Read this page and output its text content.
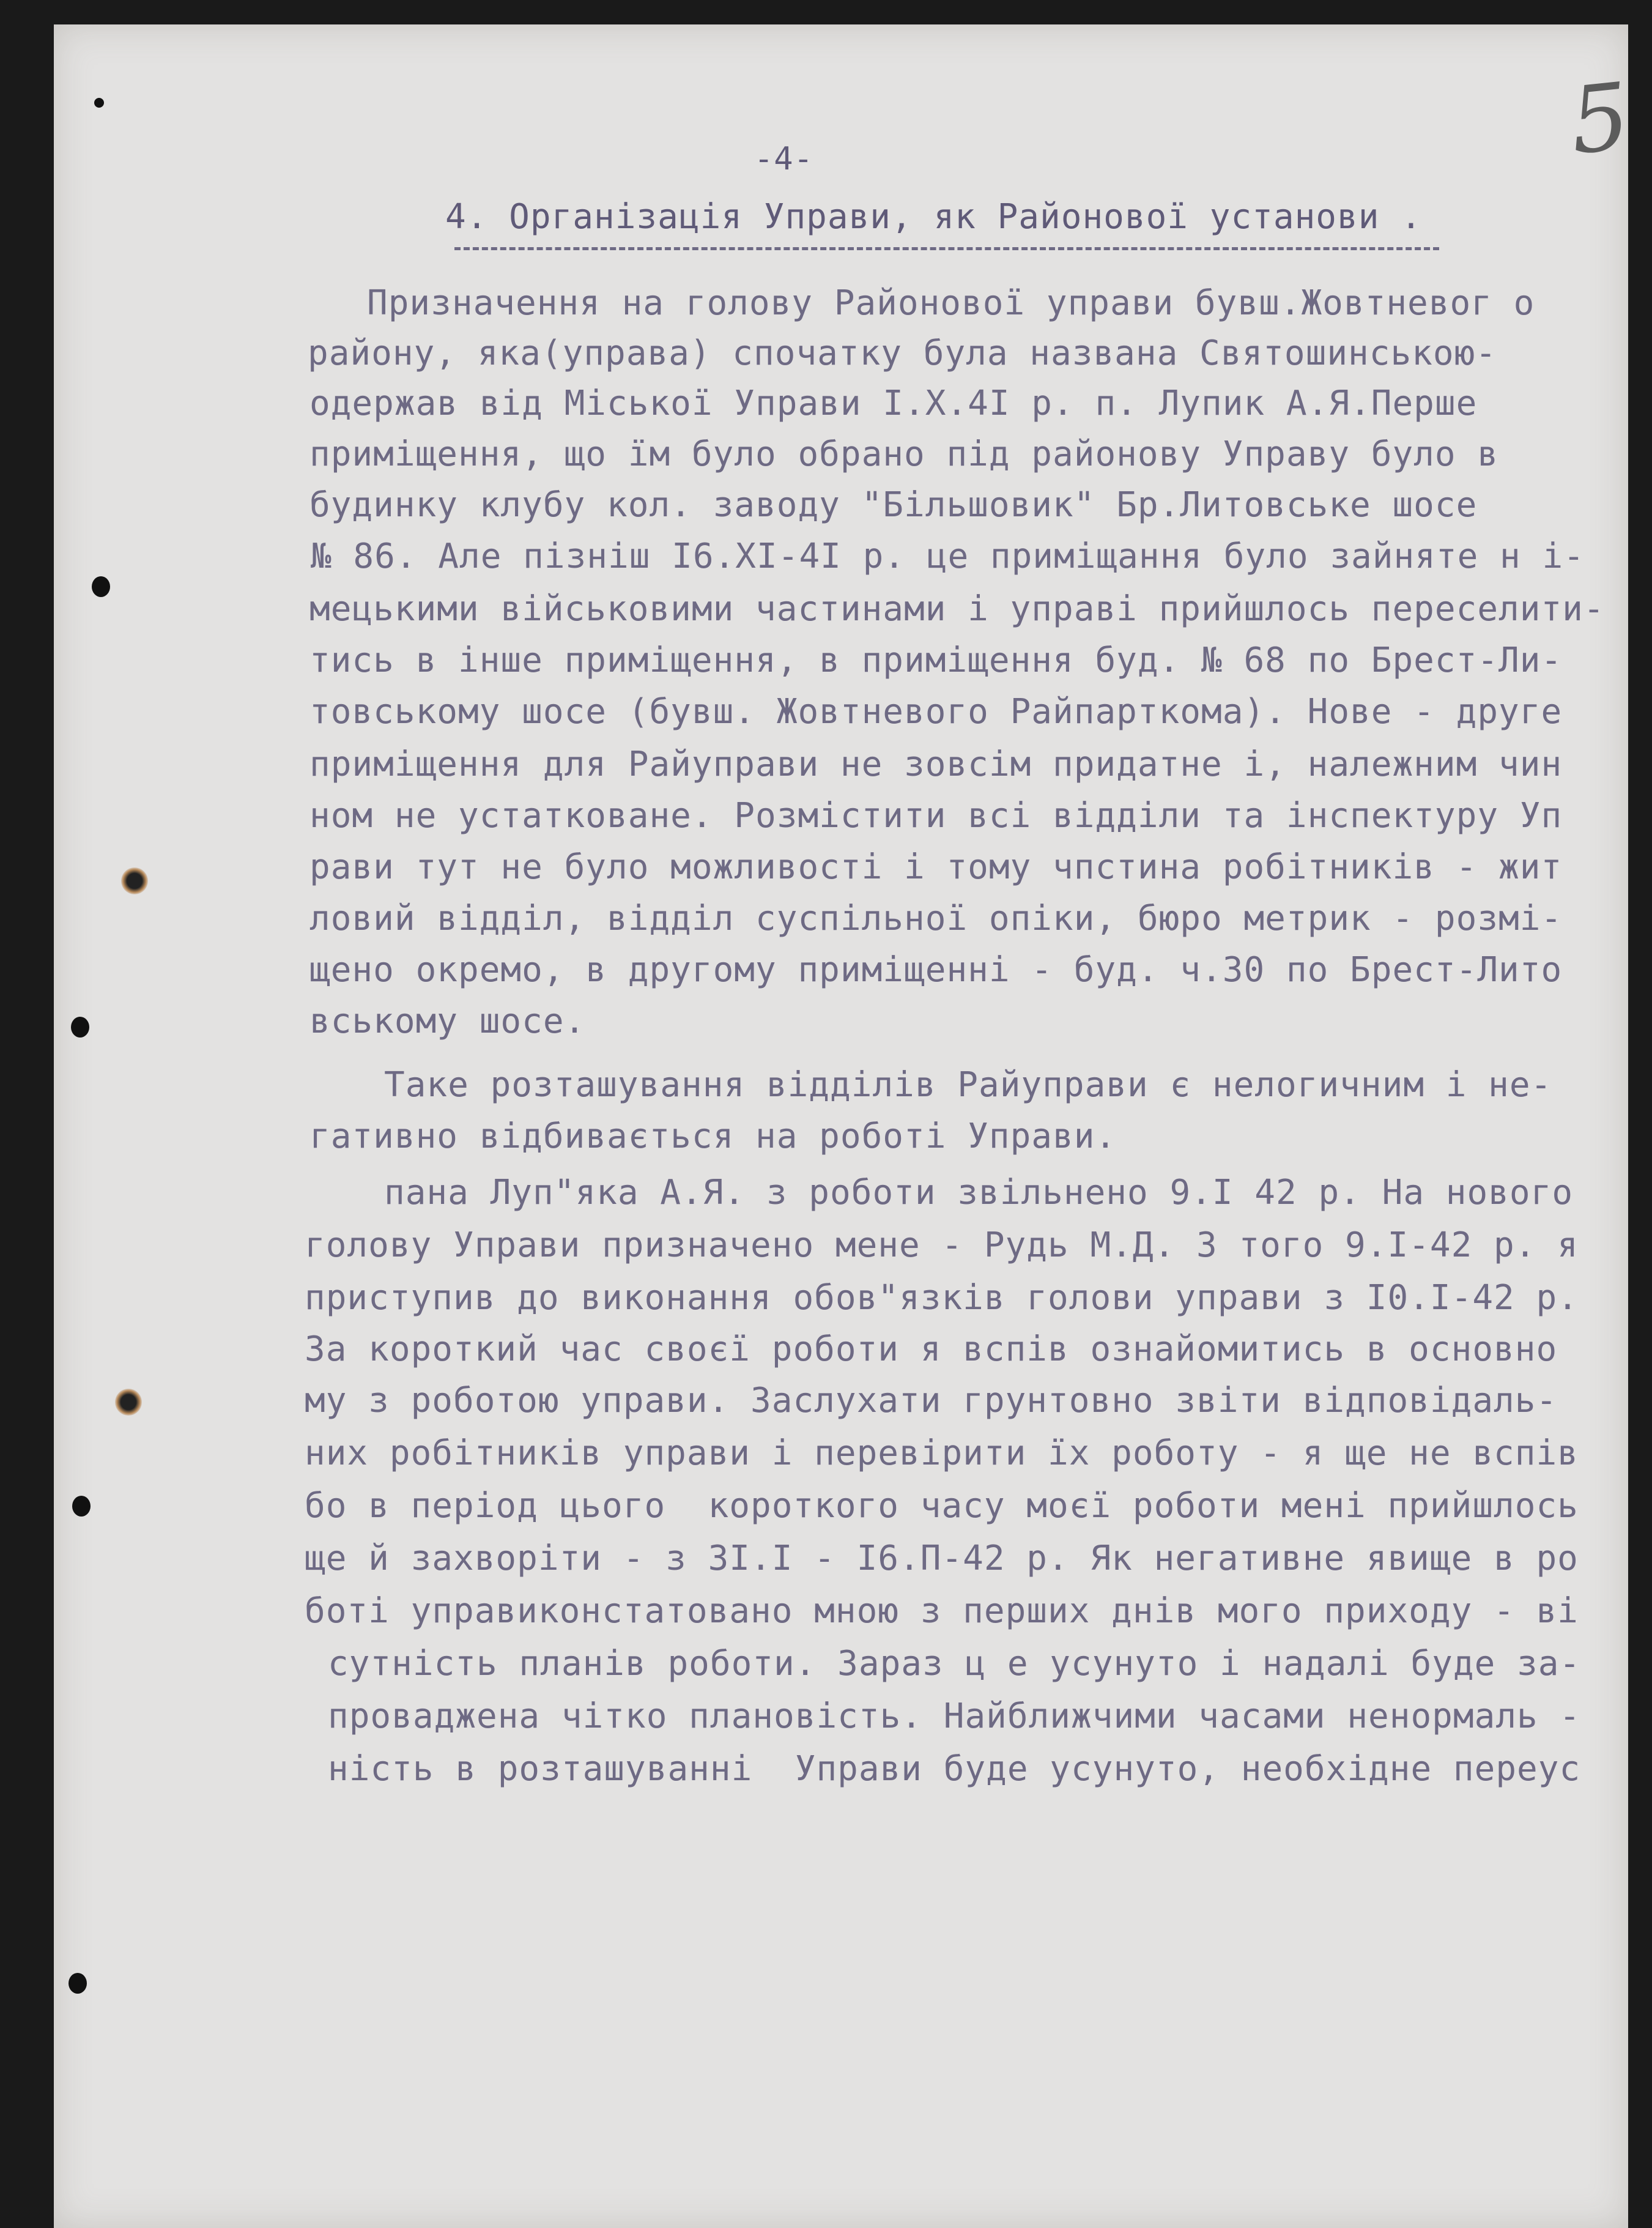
5
-4-
4. Організація Управи, як Районової установи .
Призначення на голову Районової управи бувш.Жовтневог о
району, яка(управа) спочатку була названа Святошинською-
одержав від Міської Управи I.X.4I р. п. Лупик А.Я.Перше
приміщення, що їм було обрано під районову Управу було в
будинку клубу кол. заводу "Більшовик" Бр.Литовське шосе
№ 86. Але пізніш I6.XI-4I р. це приміщання було зайняте н і-
мецькими військовими частинами і управі прийшлось переселити-
тись в інше приміщення, в приміщення буд. № 68 по Брест-Ли-
товському шосе (бувш. Жовтневого Райпарткома). Нове - друге
приміщення для Райуправи не зовсім придатне і, належним чин
ном не устатковане. Розмістити всі відділи та інспектуру Уп
рави тут не було можливості і тому чпстина робітників - жит
ловий відділ, відділ суспільної опіки, бюро метрик - розмі-
щено окремо, в другому приміщенні - буд. ч.30 по Брест-Лито
вському шосе.
Таке розташування відділів Райуправи є нелогичним і не-
гативно відбивається на роботі Управи.
пана Луп"яка А.Я. з роботи звільнено 9.I 42 р. На нового
голову Управи призначено мене - Рудь М.Д. З того 9.I-42 р. я
приступив до виконання обов"язків голови управи з I0.I-42 р.
За короткий час своєї роботи я вспів ознайомитись в основно
му з роботою управи. Заслухати грунтовно звіти відповідаль-
них робітників управи і перевірити їх роботу - я ще не вспів
бо в період цього  короткого часу моєї роботи мені прийшлось
ще й захворіти - з 3I.I - I6.П-42 р. Як негативне явище в ро
боті управиконстатовано мною з перших днів мого приходу - ві
сутність планів роботи. Зараз ц е усунуто і надалі буде за-
проваджена чітко плановість. Найближчими часами ненормаль -
ність в розташуванні  Управи буде усунуто, необхідне переус
